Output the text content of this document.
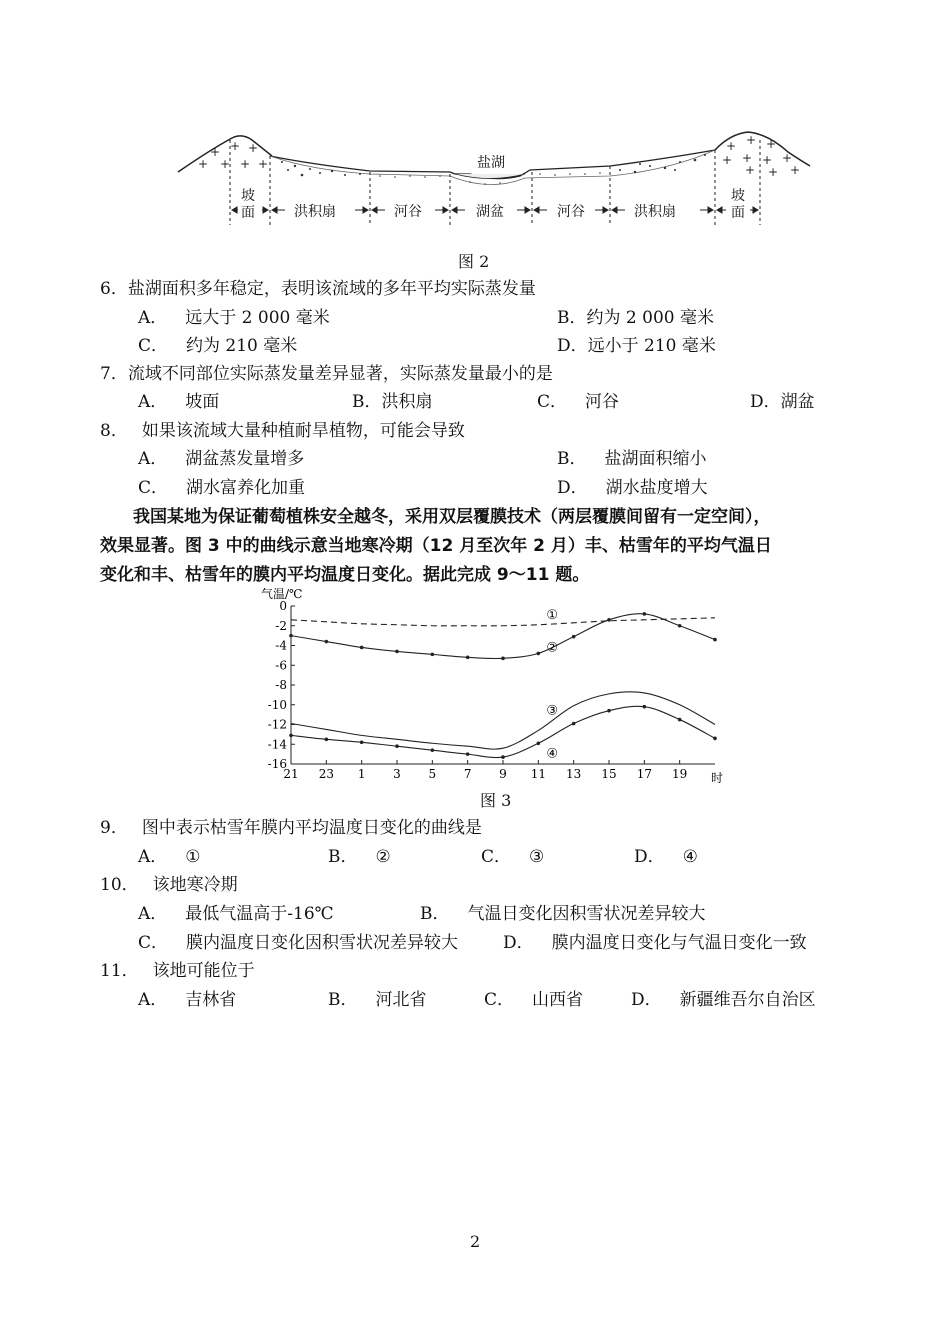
+ + +
+ + + +
+ + +
+ + + +
+ + +
盐湖
坡面	洪积扇	河谷	湖盆	河谷	洪积扇
坡面
图 2
6．盐湖面积多年稳定，表明该流域的多年平均实际蒸发量
A． 远大于 2 000 毫米	B．约为 2 000 毫米
C． 约为 210 毫米	D．远小于 210 毫米
7．流域不同部位实际蒸发量差异显著，实际蒸发量最小的是
A． 坡面	B．洪积扇	C． 河谷	D．湖盆
8． 如果该流域大量种植耐旱植物，可能会导致
A． 湖盆蒸发量增多	B． 盐湖面积缩小
C． 湖水富养化加重	D． 湖水盐度增大
我国某地为保证葡萄植株安全越冬，采用双层覆膜技术（两层覆膜间留有一定空间），
效果显著。图 3 中的曲线示意当地寒冷期（12 月至次年 2 月）丰、枯雪年的平均气温日
变化和丰、枯雪年的膜内平均温度日变化。据此完成 9～11 题。
气温/℃
时
0
-2
-4
-6
-8
-10
-12
-14
-16
21 23 1 3 5 7 9 11 13 15 17 19
①
②
③
④
图 3
9． 图中表示枯雪年膜内平均温度日变化的曲线是
A． ①	B． ②	C． ③	D． ④
10． 该地寒冷期
A． 最低气温高于-16℃	B． 气温日变化因积雪状况差异较大
C． 膜内温度日变化因积雪状况差异较大	D． 膜内温度日变化与气温日变化一致
11． 该地可能位于
A． 吉林省	B． 河北省	C． 山西省	D． 新疆维吾尔自治区
2
